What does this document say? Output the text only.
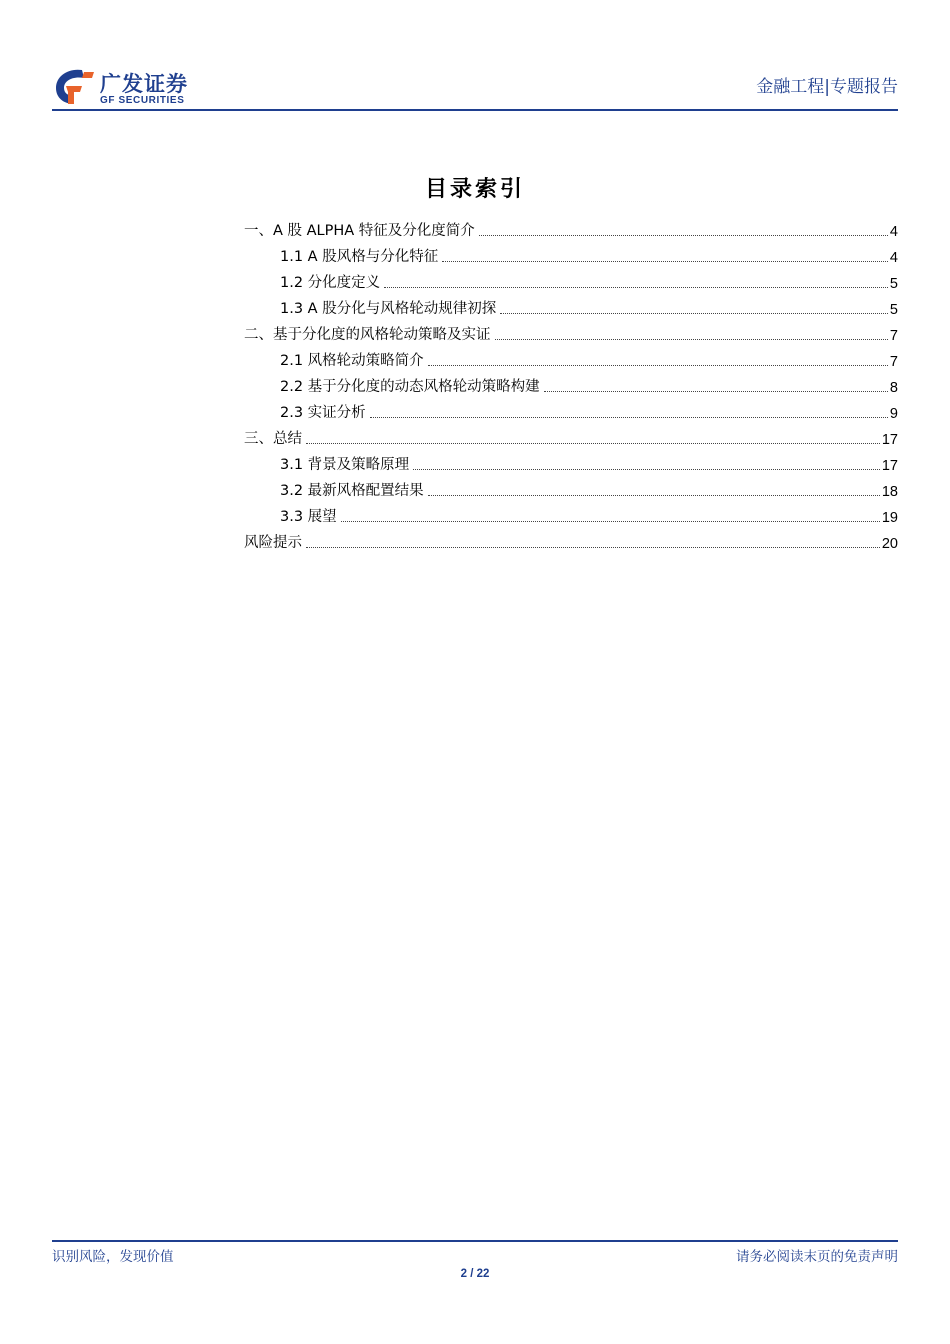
广发证券
GF SECURITIES
金融工程|专题报告
目录索引
一、A 股 ALPHA 特征及分化度简介	4
1.1 A 股风格与分化特征	4
1.2 分化度定义	5
1.3 A 股分化与风格轮动规律初探	5
二、基于分化度的风格轮动策略及实证	7
2.1 风格轮动策略简介	7
2.2 基于分化度的动态风格轮动策略构建	8
2.3 实证分析	9
三、总结	17
3.1 背景及策略原理	17
3.2 最新风格配置结果	18
3.3 展望	19
风险提示	20
识别风险，发现价值	请务必阅读末页的免责声明
2 / 22
